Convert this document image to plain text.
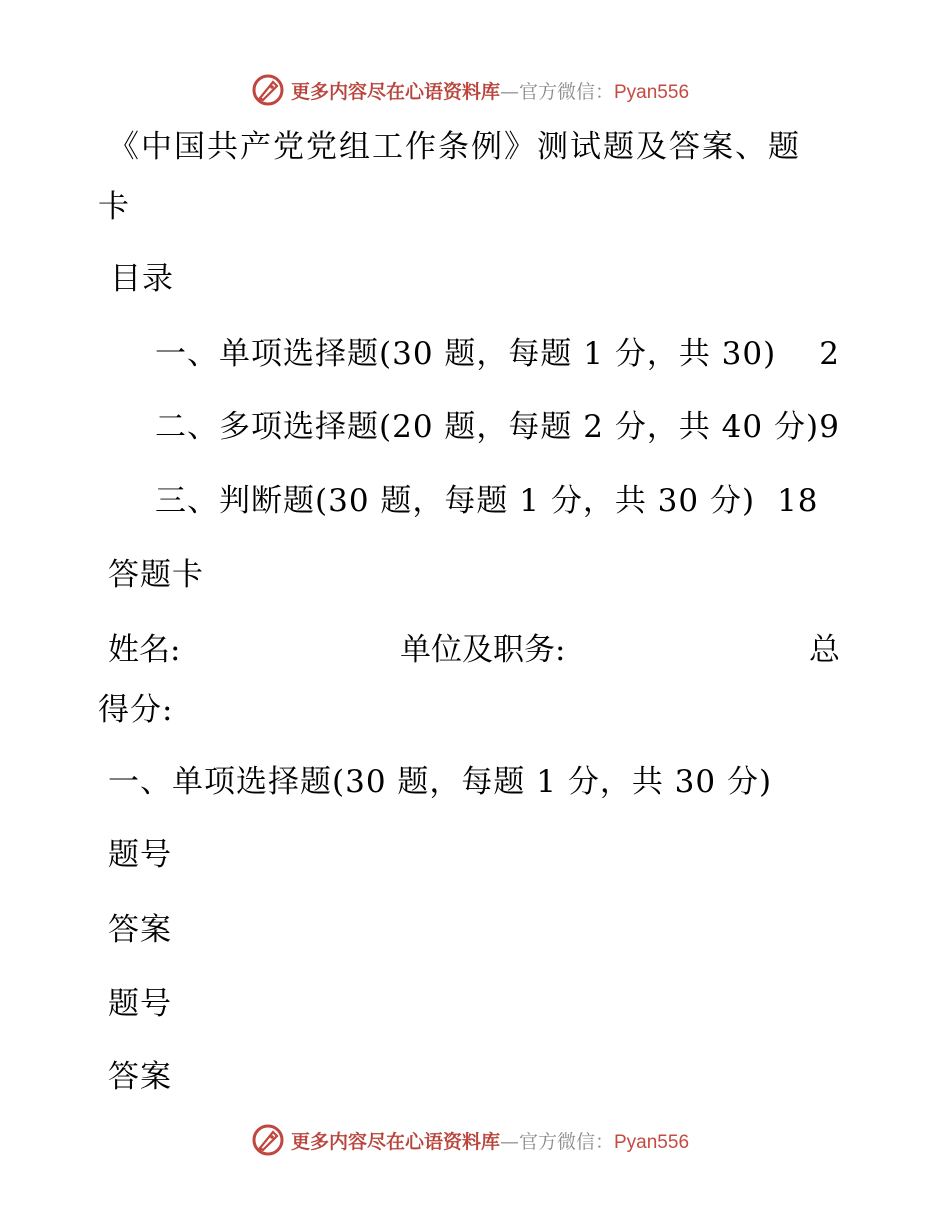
更多内容尽在心语资料库—官方微信：Pyan556
《中国共产党党组工作条例》测试题及答案、题
卡
目录
一、单项选择题(30 题，每题 1 分，共 30) 2
二、多项选择题(20 题，每题 2 分，共 40 分) 9
三、判断题(30 题，每题 1 分，共 30 分) 18
答题卡
姓名:	单位及职务:	总
得分:
一、单项选择题(30 题，每题 1 分，共 30 分)
题号
答案
题号
答案
更多内容尽在心语资料库—官方微信：Pyan556
